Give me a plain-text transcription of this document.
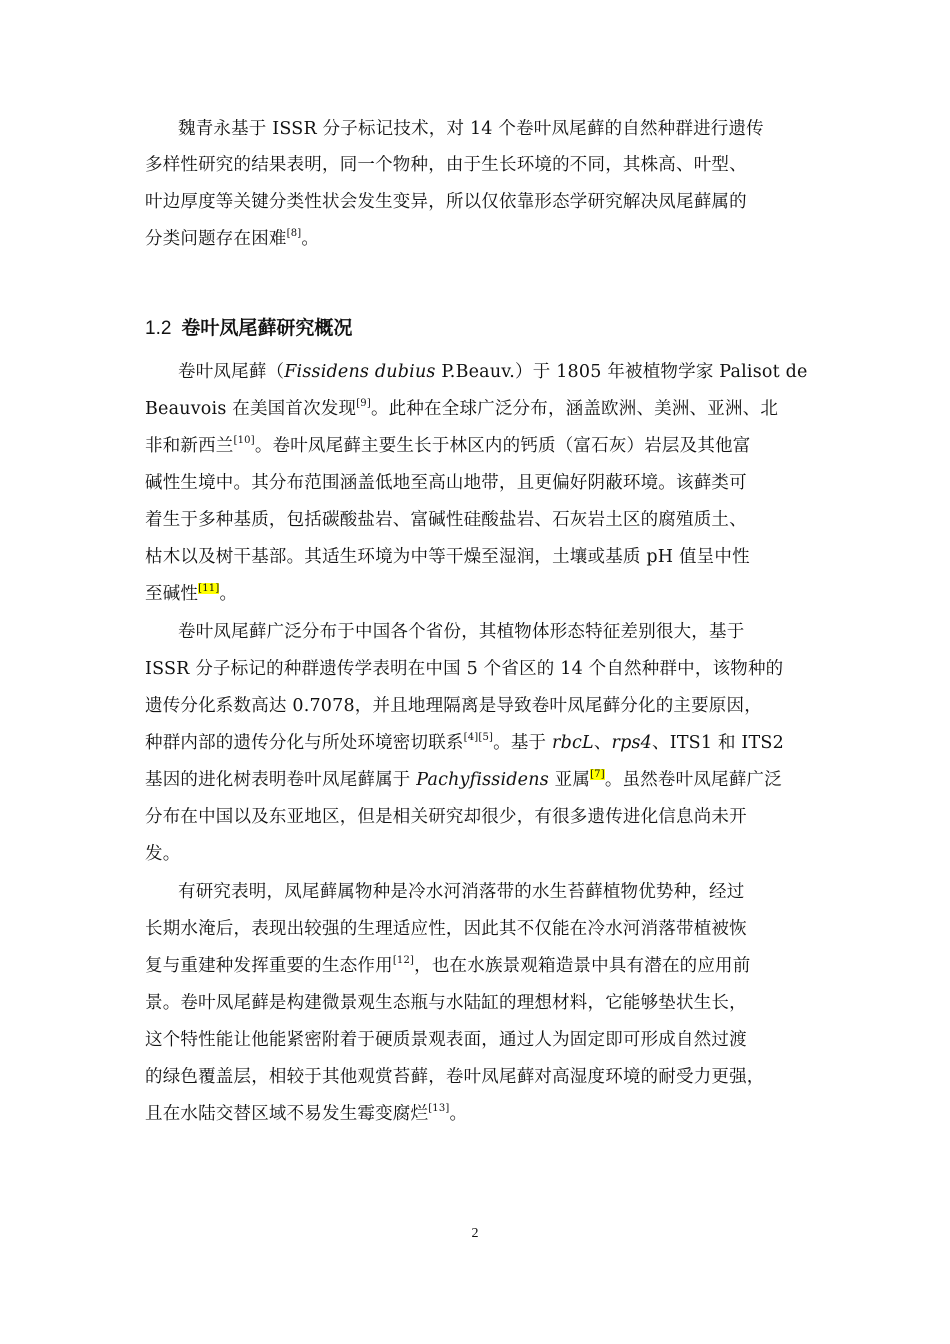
魏青永基于 ISSR 分子标记技术，对 14 个卷叶凤尾藓的自然种群进行遗传
多样性研究的结果表明，同一个物种，由于生长环境的不同，其株高、叶型、
叶边厚度等关键分类性状会发生变异，所以仅依靠形态学研究解决凤尾藓属的
分类问题存在困难[8]。
1.2 卷叶凤尾藓研究概况
卷叶凤尾藓（Fissidens dubius P.Beauv.）于 1805 年被植物学家 Palisot de
Beauvois 在美国首次发现[9]。此种在全球广泛分布，涵盖欧洲、美洲、亚洲、北
非和新西兰[10]。卷叶凤尾藓主要生长于林区内的钙质（富石灰）岩层及其他富
碱性生境中。其分布范围涵盖低地至高山地带，且更偏好阴蔽环境。该藓类可
着生于多种基质，包括碳酸盐岩、富碱性硅酸盐岩、石灰岩土区的腐殖质土、
枯木以及树干基部。其适生环境为中等干燥至湿润，土壤或基质 pH 值呈中性
至碱性[11]。
卷叶凤尾藓广泛分布于中国各个省份，其植物体形态特征差别很大，基于
ISSR 分子标记的种群遗传学表明在中国 5 个省区的 14 个自然种群中，该物种的
遗传分化系数高达 0.7078，并且地理隔离是导致卷叶凤尾藓分化的主要原因，
种群内部的遗传分化与所处环境密切联系[4][5]。基于 rbcL、rps4、ITS1 和 ITS2
基因的进化树表明卷叶凤尾藓属于 Pachyfissidens 亚属[7]。虽然卷叶凤尾藓广泛
分布在中国以及东亚地区，但是相关研究却很少，有很多遗传进化信息尚未开
发。
有研究表明，凤尾藓属物种是冷水河消落带的水生苔藓植物优势种，经过
长期水淹后，表现出较强的生理适应性，因此其不仅能在冷水河消落带植被恢
复与重建种发挥重要的生态作用[12]，也在水族景观箱造景中具有潜在的应用前
景。卷叶凤尾藓是构建微景观生态瓶与水陆缸的理想材料，它能够垫状生长，
这个特性能让他能紧密附着于硬质景观表面，通过人为固定即可形成自然过渡
的绿色覆盖层，相较于其他观赏苔藓，卷叶凤尾藓对高湿度环境的耐受力更强，
且在水陆交替区域不易发生霉变腐烂[13]。
2
